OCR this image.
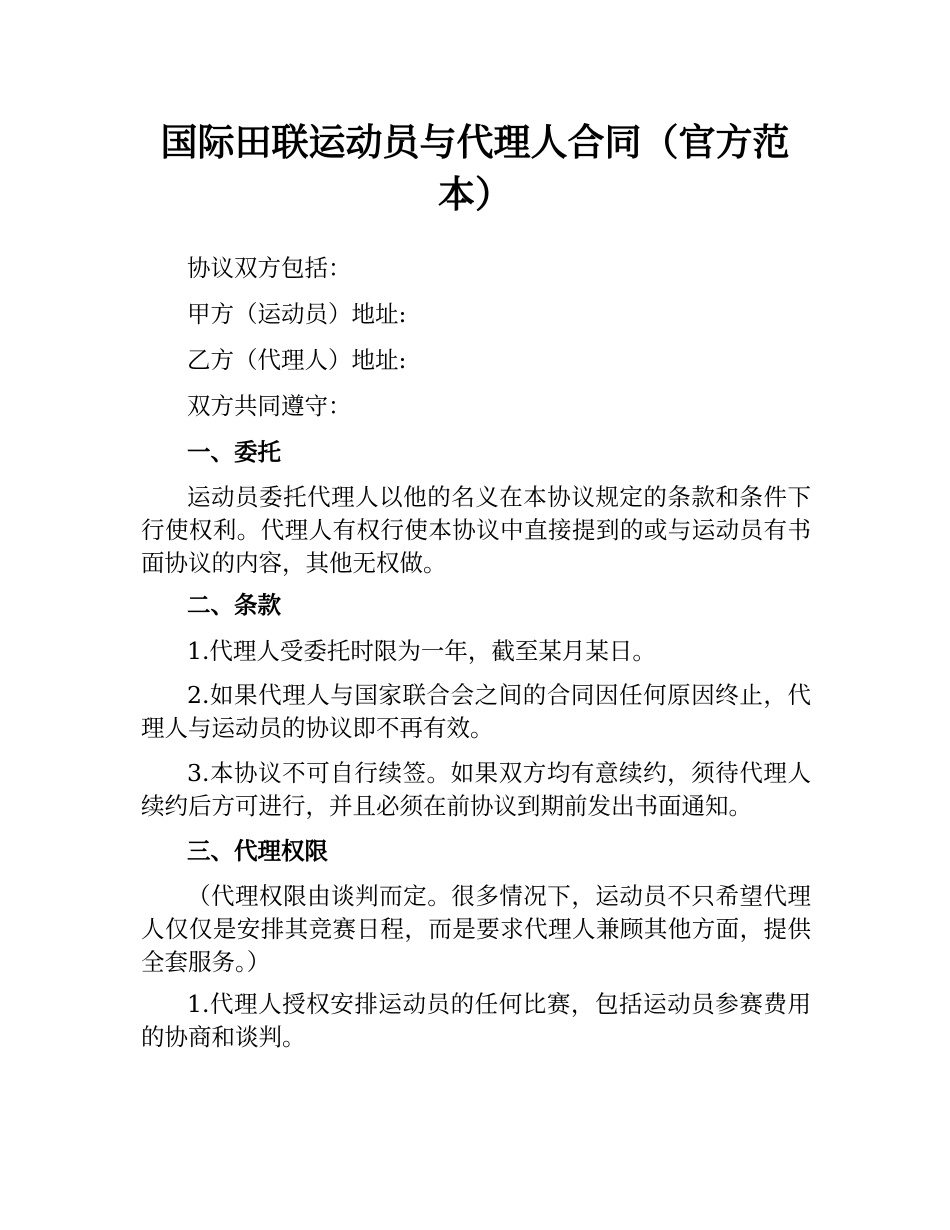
国际田联运动员与代理人合同（官方范本）

协议双方包括：

甲方（运动员）地址:

乙方（代理人）地址:

双方共同遵守：

一、委托

运动员委托代理人以他的名义在本协议规定的条款和条件下行使权利。代理人有权行使本协议中直接提到的或与运动员有书面协议的内容，其他无权做。

二、条款

1.代理人受委托时限为一年，截至某月某日。

2.如果代理人与国家联合会之间的合同因任何原因终止，代理人与运动员的协议即不再有效。

3.本协议不可自行续签。如果双方均有意续约，须待代理人续约后方可进行，并且必须在前协议到期前发出书面通知。

三、代理权限

（代理权限由谈判而定。很多情况下，运动员不只希望代理人仅仅是安排其竞赛日程，而是要求代理人兼顾其他方面，提供全套服务。）

1.代理人授权安排运动员的任何比赛，包括运动员参赛费用的协商和谈判。
